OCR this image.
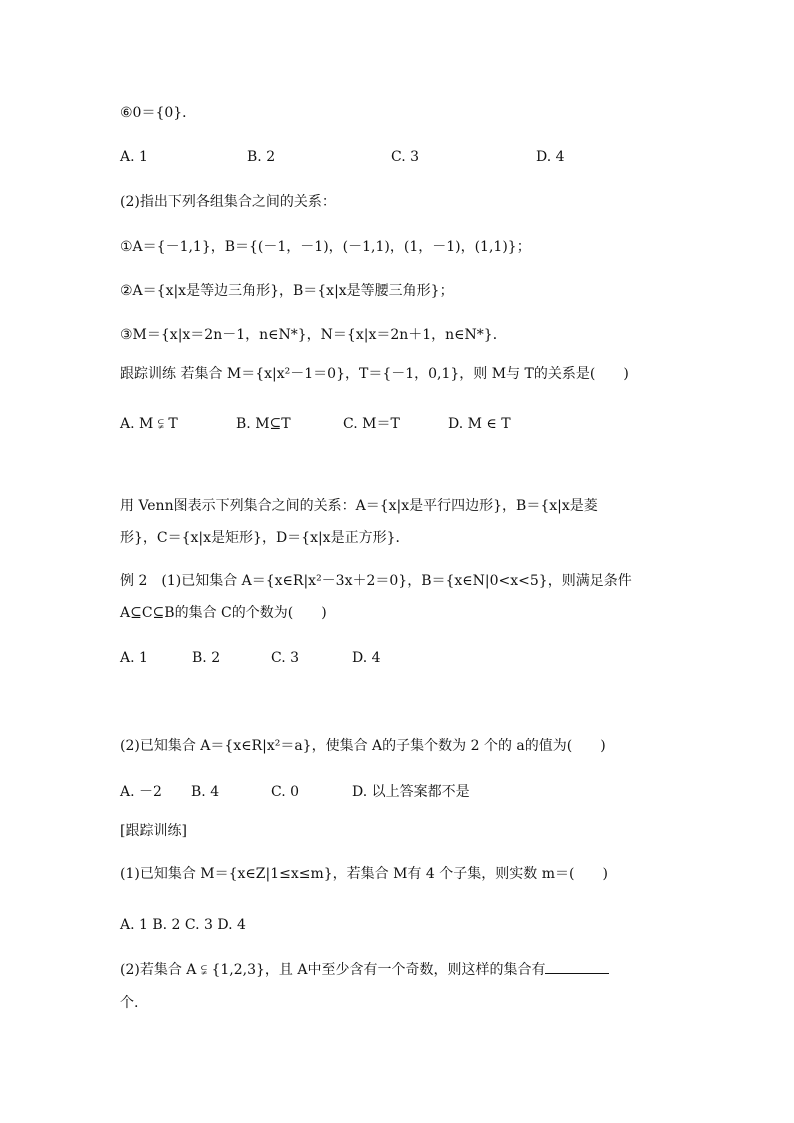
⑥0＝{0}．
A. 1	B. 2	C. 3	D. 4
(2)指出下列各组集合之间的关系：
①A＝{－1,1}，B＝{(－1，－1)，(－1,1)，(1，－1)，(1,1)}；
②A＝{x|x是等边三角形}，B＝{x|x是等腰三角形}；
③M＝{x|x＝2n－1，n∈N*}，N＝{x|x＝2n＋1，n∈N*}．
跟踪训练 若集合 M＝{x|x²－1＝0}，T＝{－1，0,1}，则 M与 T的关系是(　　)
A. M ⫋ T	B. M⊆T	C. M＝T	D. M ∈ T
用 Venn图表示下列集合之间的关系：A＝{x|x是平行四边形}，B＝{x|x是菱
形}，C＝{x|x是矩形}，D＝{x|x是正方形}．
例 2　(1)已知集合 A＝{x∈R|x²－3x＋2＝0}，B＝{x∈N|0<x<5}，则满足条件
A⊆C⊆B的集合 C的个数为(　　)
A. 1	B. 2	C. 3	D. 4
(2)已知集合 A＝{x∈R|x²＝a}，使集合 A的子集个数为 2 个的 a的值为(　　)
A. －2 B. 4	C. 0	D. 以上答案都不是
[跟踪训练]
(1)已知集合 M＝{x∈Z|1≤x≤m}，若集合 M有 4 个子集，则实数 m＝(　　)
A. 1 B. 2 C. 3 D. 4
(2)若集合 A ⫋ {1,2,3}，且 A中至少含有一个奇数，则这样的集合有
个.
